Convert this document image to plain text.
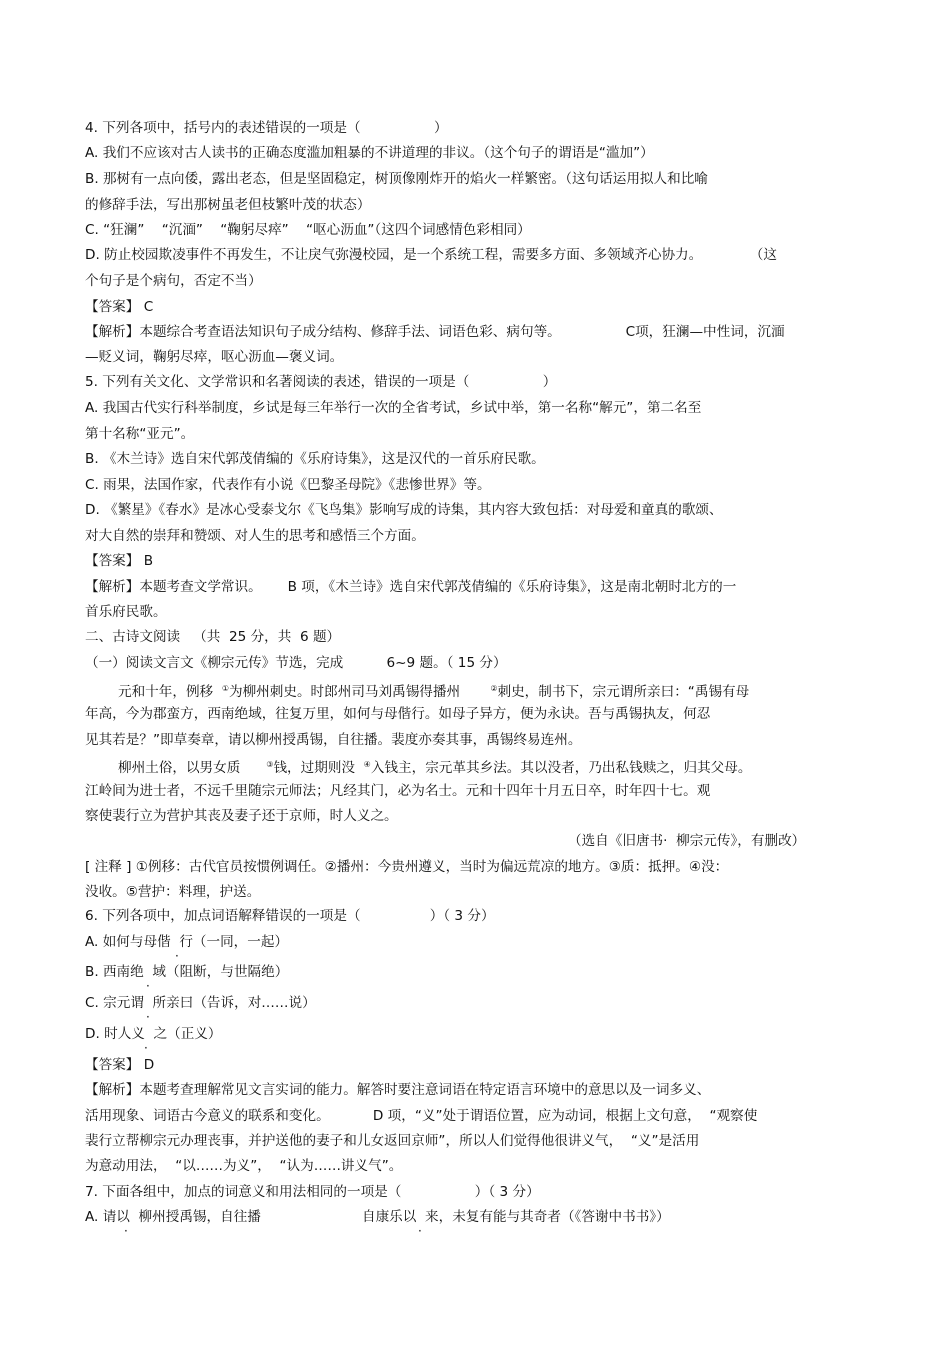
4. 下列各项中，括号内的表述错误的一项是（                 ）

A. 我们不应该对古人读书的正确态度滥加粗暴的不讲道理的非议。（这个句子的谓语是“滥加”）

B. 那树有一点向倭，露出老态，但是坚固稳定，树顶像刚炸开的焰火一样繁密。（这句话运用拟人和比喻

的修辞手法，写出那树虽老但枝繁叶茂的状态）

C. “狂澜”    “沉湎”    “鞠躬尽瘁”    “呕心沥血”（这四个词感情色彩相同）

D. 防止校园欺凌事件不再发生，不让戾气弥漫校园，是一个系统工程，需要多方面、多领域齐心协力。           （这

个句子是个病句，否定不当）

【答案】 C

【解析】本题综合考查语法知识句子成分结构、修辞手法、词语色彩、病句等。               C项，狂澜—中性词，沉湎

—贬义词，鞠躬尽瘁，呕心沥血—褒义词。

5. 下列有关文化、文学常识和名著阅读的表述，错误的一项是（                 ）

A. 我国古代实行科举制度，乡试是每三年举行一次的全省考试，乡试中举，第一名称“解元”，第二名至

第十名称“亚元”。

B. 《木兰诗》选自宋代郭茂倩编的《乐府诗集》，这是汉代的一首乐府民歌。

C. 雨果，法国作家，代表作有小说《巴黎圣母院》《悲惨世界》等。

D. 《繁星》《春水》是冰心受泰戈尔《飞鸟集》影响写成的诗集，其内容大致包括：对母爱和童真的歌颂、

对大自然的崇拜和赞颂、对人生的思考和感悟三个方面。

【答案】 B

【解析】本题考查文学常识。      B 项，《木兰诗》选自宋代郭茂倩编的《乐府诗集》，这是南北朝时北方的一

首乐府民歌。

二、古诗文阅读   （共  25 分，共  6 题）

（一）阅读文言文《柳宗元传》节选，完成          6~9 题。（ 15 分）

元和十年，例移  ①为柳州刺史。时郎州司马刘禹锡得播州       ②刺史，制书下，宗元谓所亲曰：“禹锡有母

年高，今为郡蛮方，西南绝域，往复万里，如何与母偕行。如母子异方，便为永诀。吾与禹锡执友，何忍

见其若是？”即草奏章，请以柳州授禹锡，自往播。裴度亦奏其事，禹锡终易连州。

柳州土俗，以男女质      ③钱，过期则没  ④入钱主，宗元革其乡法。其以没者，乃出私钱赎之，归其父母。

江岭间为进士者，不远千里随宗元师法；凡经其门，必为名士。元和十四年十月五日卒，时年四十七。观

察使裴行立为营护其丧及妻子还于京师，时人义之。

（选自《旧唐书·  柳宗元传》，有删改）

[ 注释 ] ①例移：古代官员按惯例调任。②播州：今贵州遵义，当时为偏远荒凉的地方。③质：抵押。④没：

没收。⑤营护：料理，护送。

6. 下列各项中，加点词语解释错误的一项是（                ）（ 3 分）

A. 如何与母偕  行（一同，一起）

·

B. 西南绝  域（阻断，与世隔绝）

·

C. 宗元谓  所亲曰（告诉，对……说）

·

D. 时人义  之（正义）

·

【答案】 D

【解析】本题考查理解常见文言实词的能力。解答时要注意词语在特定语言环境中的意思以及一词多义、

活用现象、词语古今意义的联系和变化。          D 项，“义”处于谓语位置，应为动词，根据上文句意，  “观察使

裴行立帮柳宗元办理丧事，并护送他的妻子和儿女返回京师”，所以人们觉得他很讲义气，  “义”是活用

为意动用法，  “以……为义”，  “认为……讲义气”。

7. 下面各组中，加点的词意义和用法相同的一项是（                 ）（ 3 分）

A. 请以  柳州授禹锡，自往播

·

自康乐以  来，未复有能与其奇者（《答谢中书书》）

·
